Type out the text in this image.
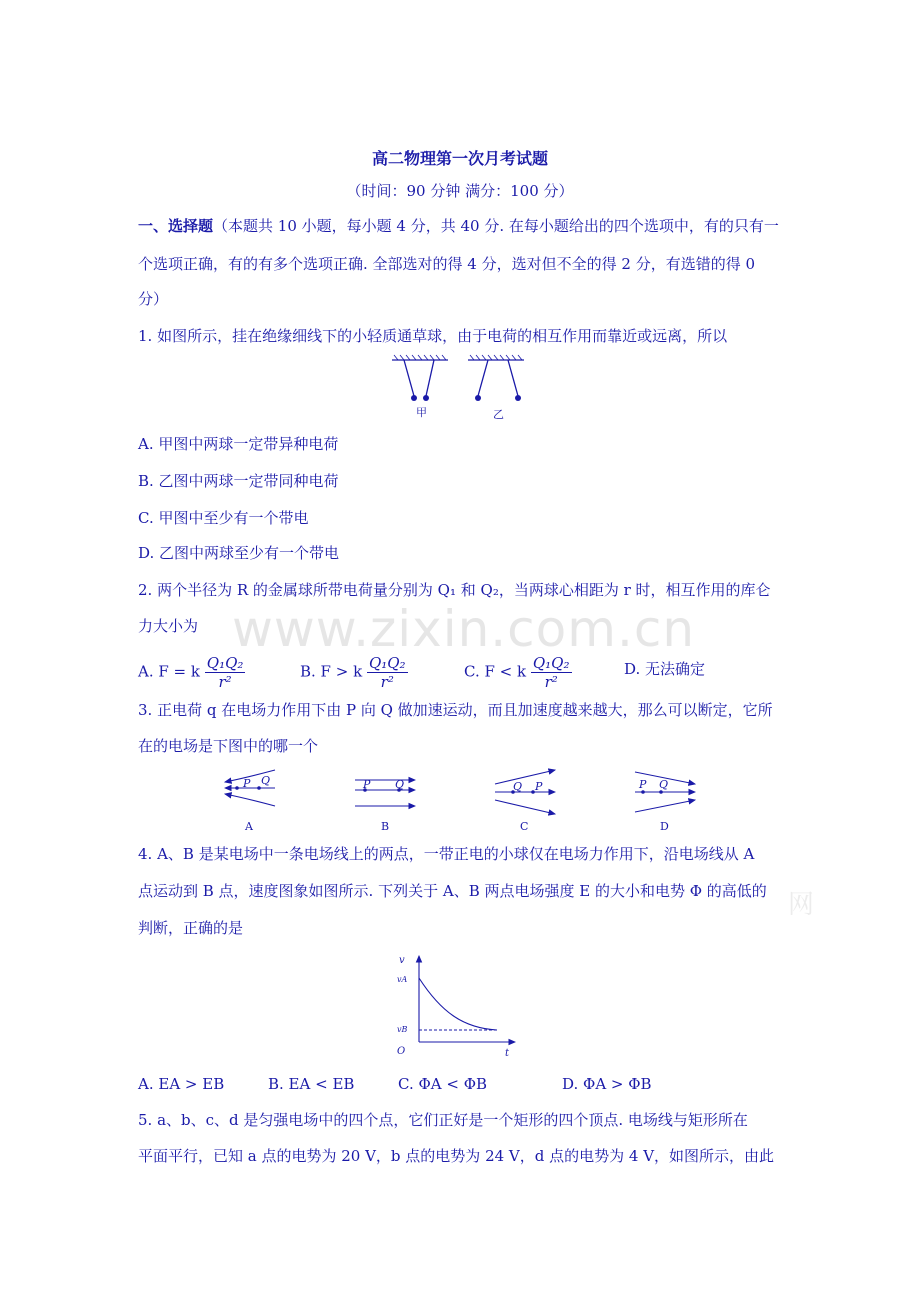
www.zixin.com.cn
网
高二物理第一次月考试题
（时间：90 分钟 满分：100 分）
一、选择题（本题共 10 小题，每小题 4 分，共 40 分. 在每小题给出的四个选项中，有的只有一
个选项正确，有的有多个选项正确. 全部选对的得 4 分，选对但不全的得 2 分，有选错的得 0
分）
1. 如图所示，挂在绝缘细线下的小轻质通草球，由于电荷的相互作用而靠近或远离，所以
甲	乙
A. 甲图中两球一定带异种电荷
B. 乙图中两球一定带同种电荷
C. 甲图中至少有一个带电
D. 乙图中两球至少有一个带电
2. 两个半径为 R 的金属球所带电荷量分别为 Q₁ 和 Q₂，当两球心相距为 r 时，相互作用的库仑
力大小为
A. F = k $\frac{\text{Q₁Q₂}}{\text{r²}}$	B. F > k $\frac{\text{Q₁Q₂}}{\text{r²}}$	C. F < k $\frac{\text{Q₁Q₂}}{\text{r²}}$	D. 无法确定
3. 正电荷 q 在电场力作用下由 P 向 Q 做加速运动，而且加速度越来越大，那么可以断定，它所
在的电场是下图中的哪一个
P Q	P Q	Q P	P Q
A	B	C	D
4. A、B 是某电场中一条电场线上的两点，一带正电的小球仅在电场力作用下，沿电场线从 A
点运动到 B 点，速度图象如图所示. 下列关于 A、B 两点电场强度 E 的大小和电势 Φ 的高低的
判断，正确的是
v
t
O
vA
vB
A. EA > EB	B. EA < EB	C. ΦA < ΦB	D. ΦA > ΦB
5. a、b、c、d 是匀强电场中的四个点，它们正好是一个矩形的四个顶点. 电场线与矩形所在
平面平行，已知 a 点的电势为 20 V，b 点的电势为 24 V，d 点的电势为 4 V，如图所示，由此
